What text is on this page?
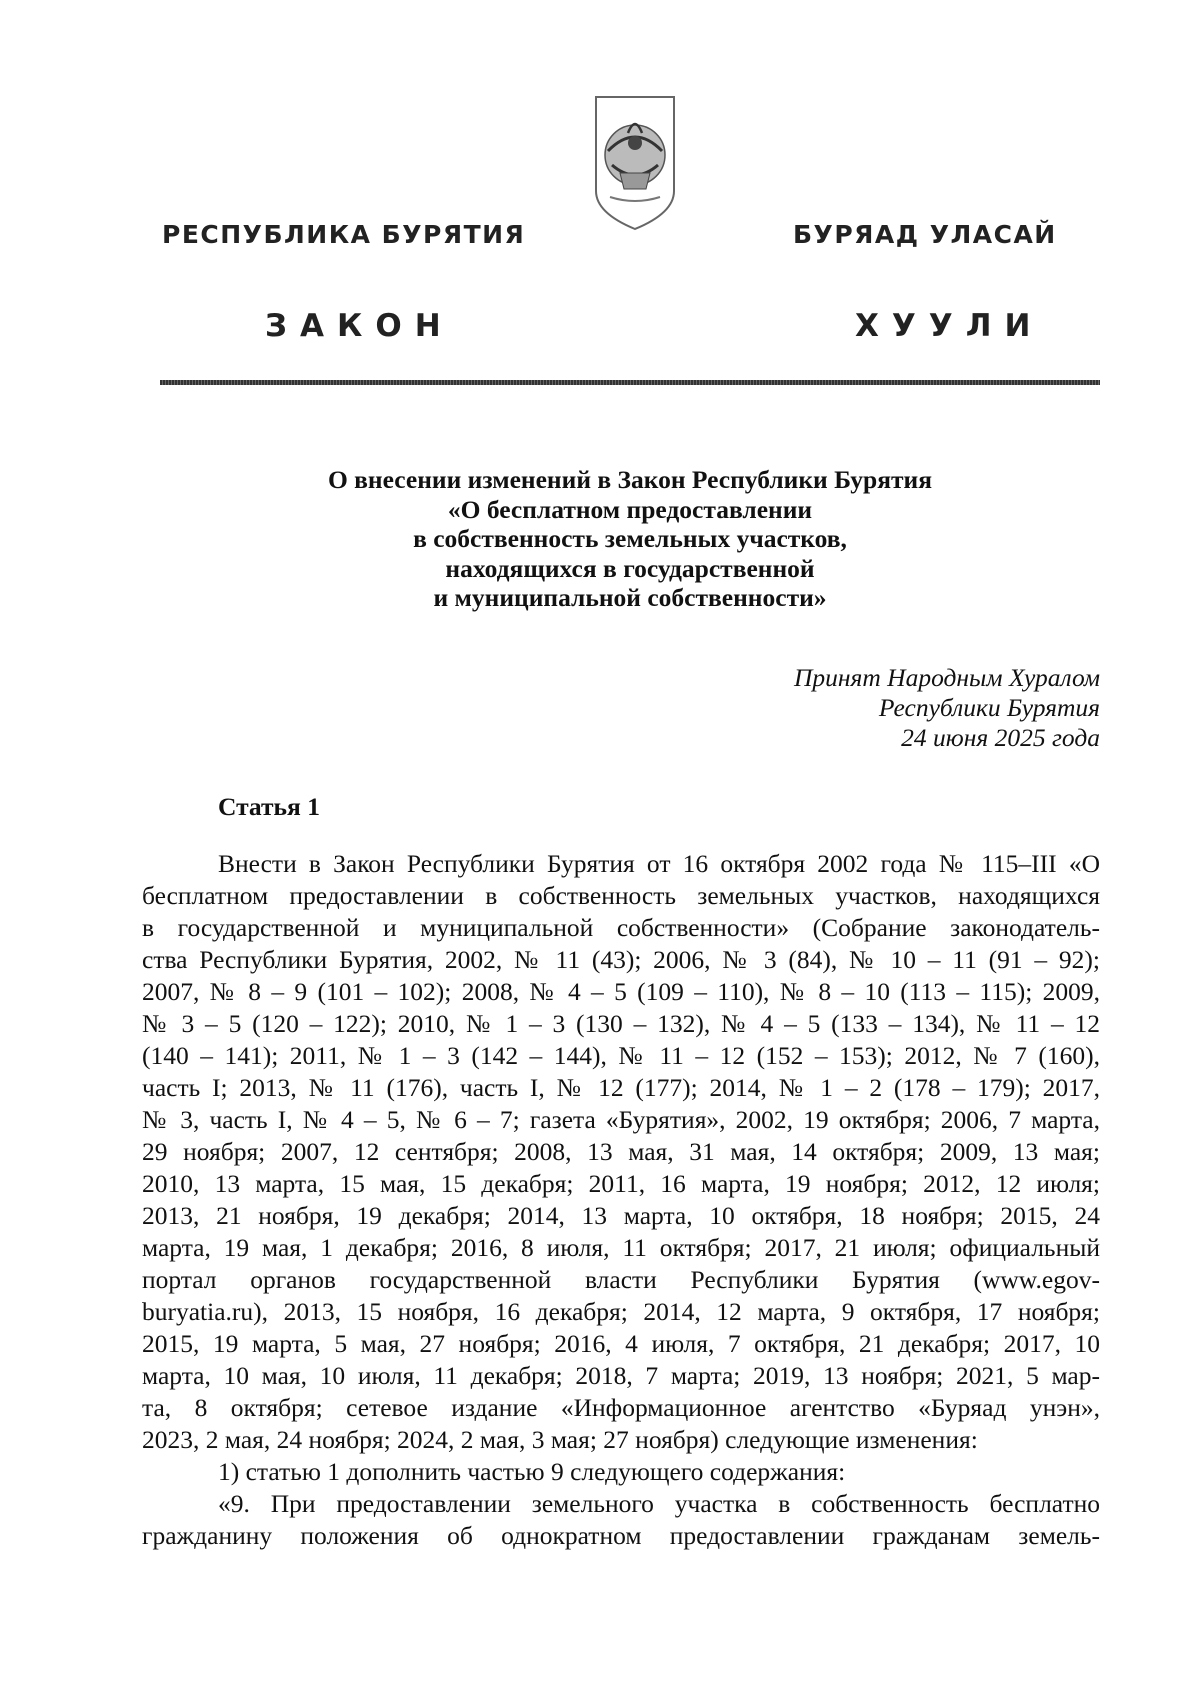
РЕСПУБЛИКА БУРЯТИЯ	БУРЯАД УЛАСАЙ
ЗАКОН	ХУУЛИ
О внесении изменений в Закон Республики Бурятия
«О бесплатном предоставлении
в собственность земельных участков,
находящихся в государственной
и муниципальной собственности»
Принят Народным Хуралом
Республики Бурятия
24 июня 2025 года
Статья 1

Внести в Закон Республики Бурятия от 16 октября 2002 года № 115–III «О

бесплатном предоставлении в собственность земельных участков, находящихся

в государственной и муниципальной собственности» (Собрание законодатель-

ства Республики Бурятия, 2002, № 11 (43); 2006, № 3 (84), № 10 – 11 (91 – 92);

2007, № 8 – 9 (101 – 102); 2008, № 4 – 5 (109 – 110), № 8 – 10 (113 – 115); 2009,

№ 3 – 5 (120 – 122); 2010, № 1 – 3 (130 – 132), № 4 – 5 (133 – 134), № 11 – 12

(140 – 141); 2011, № 1 – 3 (142 – 144), № 11 – 12 (152 – 153); 2012, № 7 (160),

часть I; 2013, № 11 (176), часть I, № 12 (177); 2014, № 1 – 2 (178 – 179); 2017,

№ 3, часть I, № 4 – 5, № 6 – 7; газета «Бурятия», 2002, 19 октября; 2006, 7 марта,

29 ноября; 2007, 12 сентября; 2008, 13 мая, 31 мая, 14 октября; 2009, 13 мая;

2010, 13 марта, 15 мая, 15 декабря; 2011, 16 марта, 19 ноября; 2012, 12 июля;

2013, 21 ноября, 19 декабря; 2014, 13 марта, 10 октября, 18 ноября; 2015, 24

марта, 19 мая, 1 декабря; 2016, 8 июля, 11 октября; 2017, 21 июля; официальный

портал органов государственной власти Республики Бурятия (www.egov-

buryatia.ru), 2013, 15 ноября, 16 декабря; 2014, 12 марта, 9 октября, 17 ноября;

2015, 19 марта, 5 мая, 27 ноября; 2016, 4 июля, 7 октября, 21 декабря; 2017, 10

марта, 10 мая, 10 июля, 11 декабря; 2018, 7 марта; 2019, 13 ноября; 2021, 5 мар-

та, 8 октября; сетевое издание «Информационное агентство «Буряад унэн»,

2023, 2 мая, 24 ноября; 2024, 2 мая, 3 мая; 27 ноября) следующие изменения:

1) статью 1 дополнить частью 9 следующего содержания:

«9. При предоставлении земельного участка в собственность бесплатно

гражданину положения об однократном предоставлении гражданам земель-
